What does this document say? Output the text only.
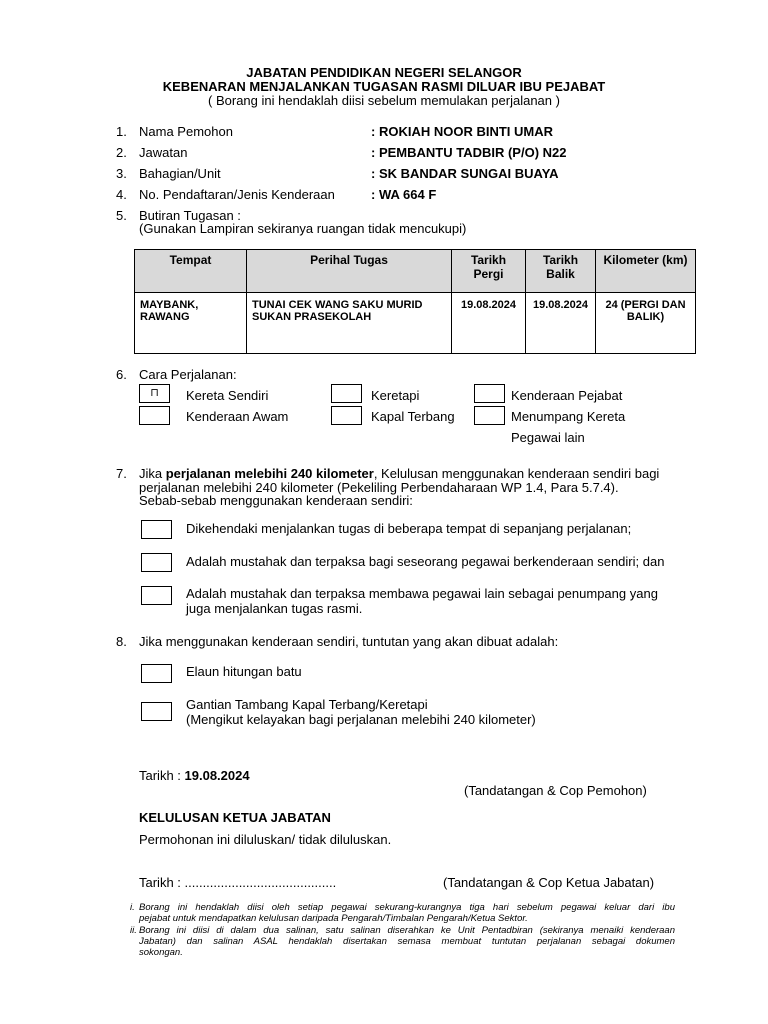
JABATAN PENDIDIKAN NEGERI SELANGOR
KEBENARAN MENJALANKAN TUGASAN RASMI DILUAR IBU PEJABAT
( Borang ini hendaklah diisi sebelum memulakan perjalanan )
1. Nama Pemohon	: ROKIAH NOOR BINTI UMAR
2. Jawatan	: PEMBANTU TADBIR (P/O) N22
3. Bahagian/Unit	: SK BANDAR SUNGAI BUAYA
4. No. Pendaftaran/Jenis Kenderaan	: WA 664 F
5. Butiran Tugasan :
(Gunakan Lampiran sekiranya ruangan tidak mencukupi)
Tempat	Perihal Tugas	Tarikh Pergi	Tarikh Balik	Kilometer (km)
MAYBANK, RAWANG	TUNAI CEK WANG SAKU MURID SUKAN PRASEKOLAH	19.08.2024	19.08.2024	24 (PERGI DAN BALIK)
6. Cara Perjalanan:
⊓	Kereta Sendiri	Keretapi	Kenderaan Pejabat
Kenderaan Awam	Kapal Terbang	Menumpang Kereta
Pegawai lain
7. Jika perjalanan melebihi 240 kilometer, Kelulusan menggunakan kenderaan sendiri bagi
perjalanan melebihi 240 kilometer (Pekeliling Perbendaharaan WP 1.4, Para 5.7.4).
Sebab-sebab menggunakan kenderaan sendiri:
Dikehendaki menjalankan tugas di beberapa tempat di sepanjang perjalanan;
Adalah mustahak dan terpaksa bagi seseorang pegawai berkenderaan sendiri; dan
Adalah mustahak dan terpaksa membawa pegawai lain sebagai penumpang yang
juga menjalankan tugas rasmi.
8. Jika menggunakan kenderaan sendiri, tuntutan yang akan dibuat adalah:
Elaun hitungan batu
Gantian Tambang Kapal Terbang/Keretapi
(Mengikut kelayakan bagi perjalanan melebihi 240 kilometer)
Tarikh : 19.08.2024
(Tandatangan & Cop Pemohon)
KELULUSAN KETUA JABATAN
Permohonan ini diluluskan/ tidak diluluskan.
Tarikh : ..........................................	(Tandatangan & Cop Ketua Jabatan)
i. Borang ini hendaklah diisi oleh setiap pegawai sekurang-kurangnya tiga hari sebelum pegawai keluar dari ibu
pejabat untuk mendapatkan kelulusan daripada Pengarah/Timbalan Pengarah/Ketua Sektor.
ii. Borang ini diisi di dalam dua salinan, satu salinan diserahkan ke Unit Pentadbiran (sekiranya menaiki kenderaan
Jabatan) dan salinan ASAL hendaklah disertakan semasa membuat tuntutan perjalanan sebagai dokumen
sokongan.
